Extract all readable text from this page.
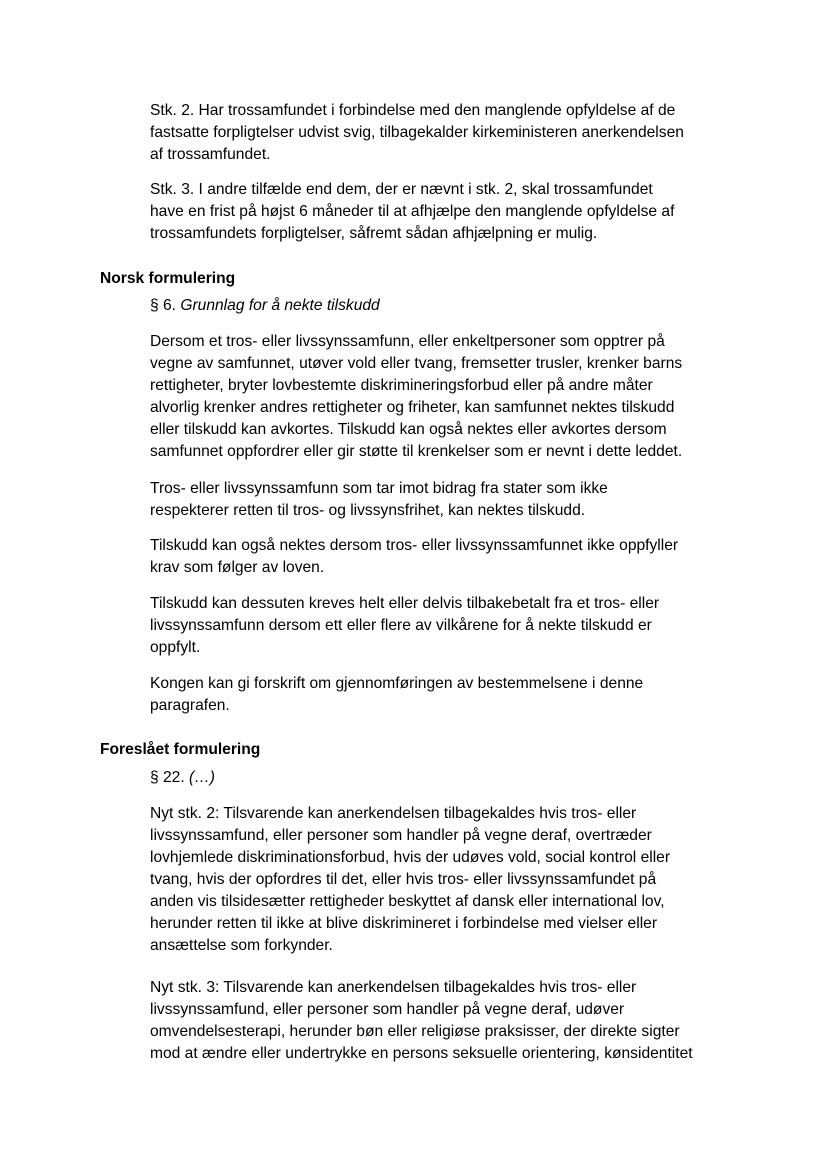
Stk. 2. Har trossamfundet i forbindelse med den manglende opfyldelse af de
fastsatte forpligtelser udvist svig, tilbagekalder kirkeministeren anerkendelsen
af trossamfundet.

Stk. 3. I andre tilfælde end dem, der er nævnt i stk. 2, skal trossamfundet
have en frist på højst 6 måneder til at afhjælpe den manglende opfyldelse af
trossamfundets forpligtelser, såfremt sådan afhjælpning er mulig.

Norsk formulering

§ 6. Grunnlag for å nekte tilskudd

Dersom et tros- eller livssynssamfunn, eller enkeltpersoner som opptrer på
vegne av samfunnet, utøver vold eller tvang, fremsetter trusler, krenker barns
rettigheter, bryter lovbestemte diskrimineringsforbud eller på andre måter
alvorlig krenker andres rettigheter og friheter, kan samfunnet nektes tilskudd
eller tilskudd kan avkortes. Tilskudd kan også nektes eller avkortes dersom
samfunnet oppfordrer eller gir støtte til krenkelser som er nevnt i dette leddet.

Tros- eller livssynssamfunn som tar imot bidrag fra stater som ikke
respekterer retten til tros- og livssynsfrihet, kan nektes tilskudd.

Tilskudd kan også nektes dersom tros- eller livssynssamfunnet ikke oppfyller
krav som følger av loven.

Tilskudd kan dessuten kreves helt eller delvis tilbakebetalt fra et tros- eller
livssynssamfunn dersom ett eller flere av vilkårene for å nekte tilskudd er
oppfylt.

Kongen kan gi forskrift om gjennomføringen av bestemmelsene i denne
paragrafen.

Foreslået formulering

§ 22. (…)

Nyt stk. 2: Tilsvarende kan anerkendelsen tilbagekaldes hvis tros- eller
livssynssamfund, eller personer som handler på vegne deraf, overtræder
lovhjemlede diskriminationsforbud, hvis der udøves vold, social kontrol eller
tvang, hvis der opfordres til det, eller hvis tros- eller livssynssamfundet på
anden vis tilsidesætter rettigheder beskyttet af dansk eller international lov,
herunder retten til ikke at blive diskrimineret i forbindelse med vielser eller
ansættelse som forkynder.

Nyt stk. 3: Tilsvarende kan anerkendelsen tilbagekaldes hvis tros- eller
livssynssamfund, eller personer som handler på vegne deraf, udøver
omvendelsesterapi, herunder bøn eller religiøse praksisser, der direkte sigter
mod at ændre eller undertrykke en persons seksuelle orientering, kønsidentitet
